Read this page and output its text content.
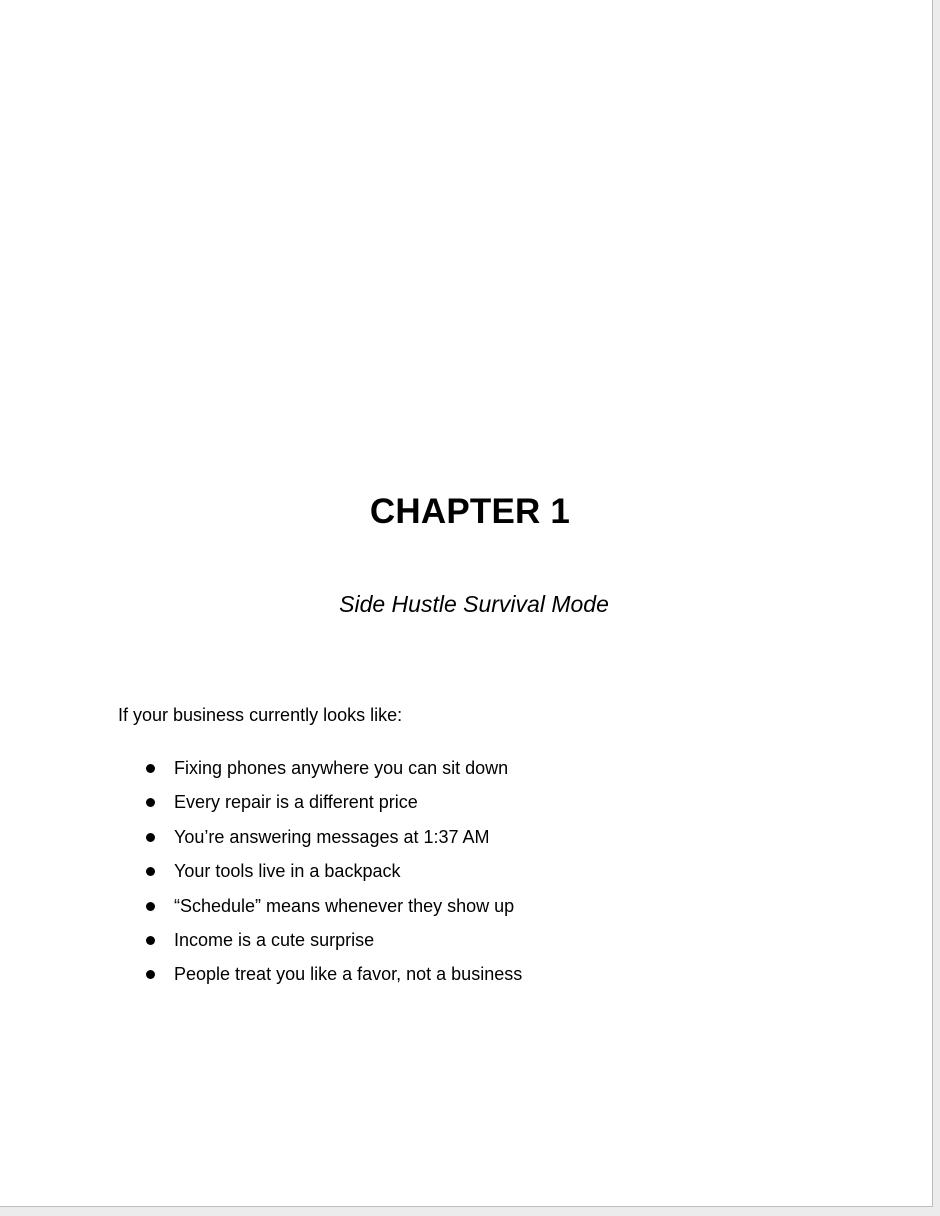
CHAPTER 1

Side Hustle Survival Mode

If your business currently looks like:

Fixing phones anywhere you can sit down
Every repair is a different price
You’re answering messages at 1:37 AM
Your tools live in a backpack
“Schedule” means whenever they show up
Income is a cute surprise
People treat you like a favor, not a business
